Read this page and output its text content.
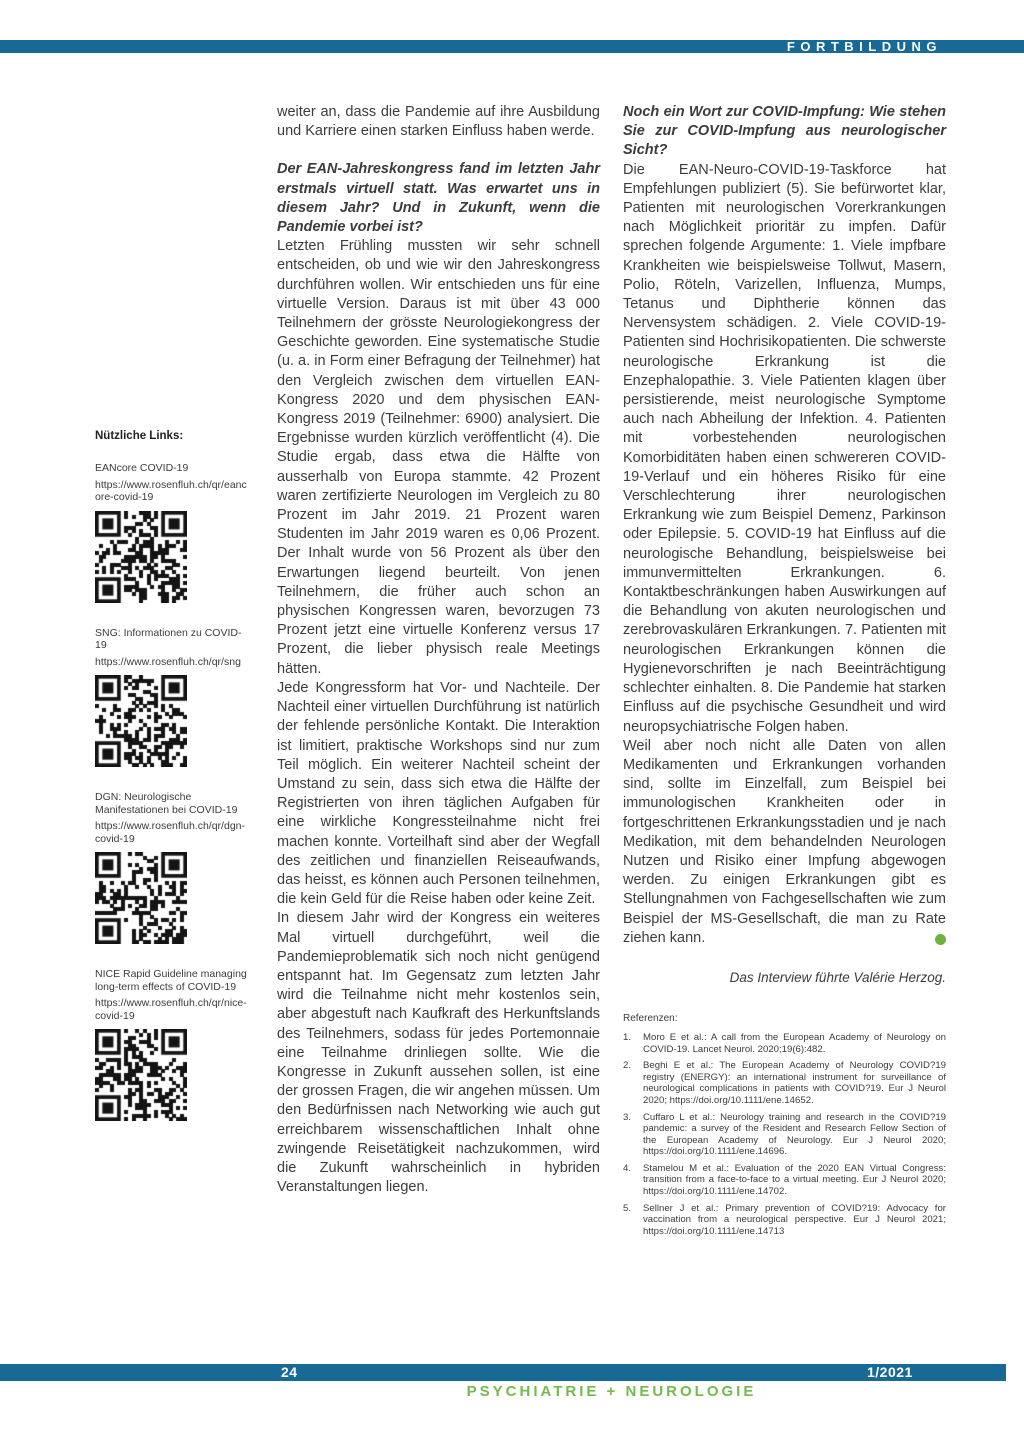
FORTBILDUNG
Nützliche Links:
EANcore COVID-19
https://www.rosenfluh.ch/qr/eancore-covid-19
SNG: Informationen zu COVID-19
https://www.rosenfluh.ch/qr/sng
DGN: Neurologische Manifestationen bei COVID-19
https://www.rosenfluh.ch/qr/dgn-covid-19
NICE Rapid Guideline managing long-term effects of COVID-19
https://www.rosenfluh.ch/qr/nice-covid-19

weiter an, dass die Pandemie auf ihre Ausbildung und Karriere einen starken Einfluss haben werde.

Der EAN-Jahreskongress fand im letzten Jahr erstmals virtuell statt. Was erwartet uns in diesem Jahr? Und in Zukunft, wenn die Pandemie vorbei ist?

Letzten Frühling mussten wir sehr schnell entscheiden, ob und wie wir den Jahreskongress durchführen wollen. Wir entschieden uns für eine virtuelle Version. Daraus ist mit über 43 000 Teilnehmern der grösste Neurologiekongress der Geschichte geworden. Eine systematische Studie (u. a. in Form einer Befragung der Teilnehmer) hat den Vergleich zwischen dem virtuellen EAN-Kongress 2020 und dem physischen EAN-Kongress 2019 (Teilnehmer: 6900) analysiert. Die Ergebnisse wurden kürzlich veröffentlicht (4). Die Studie ergab, dass etwa die Hälfte von ausserhalb von Europa stammte. 42 Prozent waren zertifizierte Neurologen im Vergleich zu 80 Prozent im Jahr 2019. 21 Prozent waren Studenten im Jahr 2019 waren es 0,06 Prozent. Der Inhalt wurde von 56 Prozent als über den Erwartungen liegend beurteilt. Von jenen Teilnehmern, die früher auch schon an physischen Kongressen waren, bevorzugen 73 Prozent jetzt eine virtuelle Konferenz versus 17 Prozent, die lieber physisch reale Meetings hätten.

Jede Kongressform hat Vor- und Nachteile. Der Nachteil einer virtuellen Durchführung ist natürlich der fehlende persönliche Kontakt. Die Interaktion ist limitiert, praktische Workshops sind nur zum Teil möglich. Ein weiterer Nachteil scheint der Umstand zu sein, dass sich etwa die Hälfte der Registrierten von ihren täglichen Aufgaben für eine wirkliche Kongressteilnahme nicht frei machen konnte. Vorteilhaft sind aber der Wegfall des zeitlichen und finanziellen Reiseaufwands, das heisst, es können auch Personen teilnehmen, die kein Geld für die Reise haben oder keine Zeit.

In diesem Jahr wird der Kongress ein weiteres Mal virtuell durchgeführt, weil die Pandemieproblematik sich noch nicht genügend entspannt hat. Im Gegensatz zum letzten Jahr wird die Teilnahme nicht mehr kostenlos sein, aber abgestuft nach Kaufkraft des Herkunftslands des Teilnehmers, sodass für jedes Portemonnaie eine Teilnahme drinliegen sollte. Wie die Kongresse in Zukunft aussehen sollen, ist eine der grossen Fragen, die wir angehen müssen. Um den Bedürfnissen nach Networking wie auch gut erreichbarem wissenschaftlichen Inhalt ohne zwingende Reisetätigkeit nachzukommen, wird die Zukunft wahrscheinlich in hybriden Veranstaltungen liegen.

Noch ein Wort zur COVID-Impfung: Wie stehen Sie zur COVID-Impfung aus neurologischer Sicht?

Die EAN-Neuro-COVID-19-Taskforce hat Empfehlungen publiziert (5). Sie befürwortet klar, Patienten mit neurologischen Vorerkrankungen nach Möglichkeit prioritär zu impfen. Dafür sprechen folgende Argumente: 1. Viele impfbare Krankheiten wie beispielsweise Tollwut, Masern, Polio, Röteln, Varizellen, Influenza, Mumps, Tetanus und Diphtherie können das Nervensystem schädigen. 2. Viele COVID-19-Patienten sind Hochrisikopatienten. Die schwerste neurologische Erkrankung ist die Enzephalopathie. 3. Viele Patienten klagen über persistierende, meist neurologische Symptome auch nach Abheilung der Infektion. 4. Patienten mit vorbestehenden neurologischen Komorbiditäten haben einen schwereren COVID-19-Verlauf und ein höheres Risiko für eine Verschlechterung ihrer neurologischen Erkrankung wie zum Beispiel Demenz, Parkinson oder Epilepsie. 5. COVID-19 hat Einfluss auf die neurologische Behandlung, beispielsweise bei immunvermittelten Erkrankungen. 6. Kontaktbeschränkungen haben Auswirkungen auf die Behandlung von akuten neurologischen und zerebrovaskulären Erkrankungen. 7. Patienten mit neurologischen Erkrankungen können die Hygienevorschriften je nach Beeinträchtigung schlechter einhalten. 8. Die Pandemie hat starken Einfluss auf die psychische Gesundheit und wird neuropsychiatrische Folgen haben.

Weil aber noch nicht alle Daten von allen Medikamenten und Erkrankungen vorhanden sind, sollte im Einzelfall, zum Beispiel bei immunologischen Krankheiten oder in fortgeschrittenen Erkrankungsstadien und je nach Medikation, mit dem behandelnden Neurologen Nutzen und Risiko einer Impfung abgewogen werden. Zu einigen Erkrankungen gibt es Stellungnahmen von Fachgesellschaften wie zum Beispiel der MS-Gesellschaft, die man zu Rate ziehen kann.

Das Interview führte Valérie Herzog.
Referenzen:
1.	Moro E et al.: A call from the European Academy of Neurology on COVID-19. Lancet Neurol. 2020;19(6):482.
2.	Beghi E et al.: The European Academy of Neurology COVID?19 registry (ENERGY): an international instrument for surveillance of neurological complications in patients with COVID?19. Eur J Neurol 2020; https://doi.org/10.1111/ene.14652.
3.	Cuffaro L et al.: Neurology training and research in the COVID?19 pandemic: a survey of the Resident and Research Fellow Section of the European Academy of Neurology. Eur J Neurol 2020; https://doi.org/10.1111/ene.14696.
4.	Stamelou M et al.: Evaluation of the 2020 EAN Virtual Congress: transition from a face-to-face to a virtual meeting. Eur J Neurol 2020; https://doi.org/10.1111/ene.14702.
5.	Sellner J et al.: Primary prevention of COVID?19: Advocacy for vaccination from a neurological perspective. Eur J Neurol 2021; https://doi.org/10.1111/ene.14713
24	1/2021
PSYCHIATRIE + NEUROLOGIE
